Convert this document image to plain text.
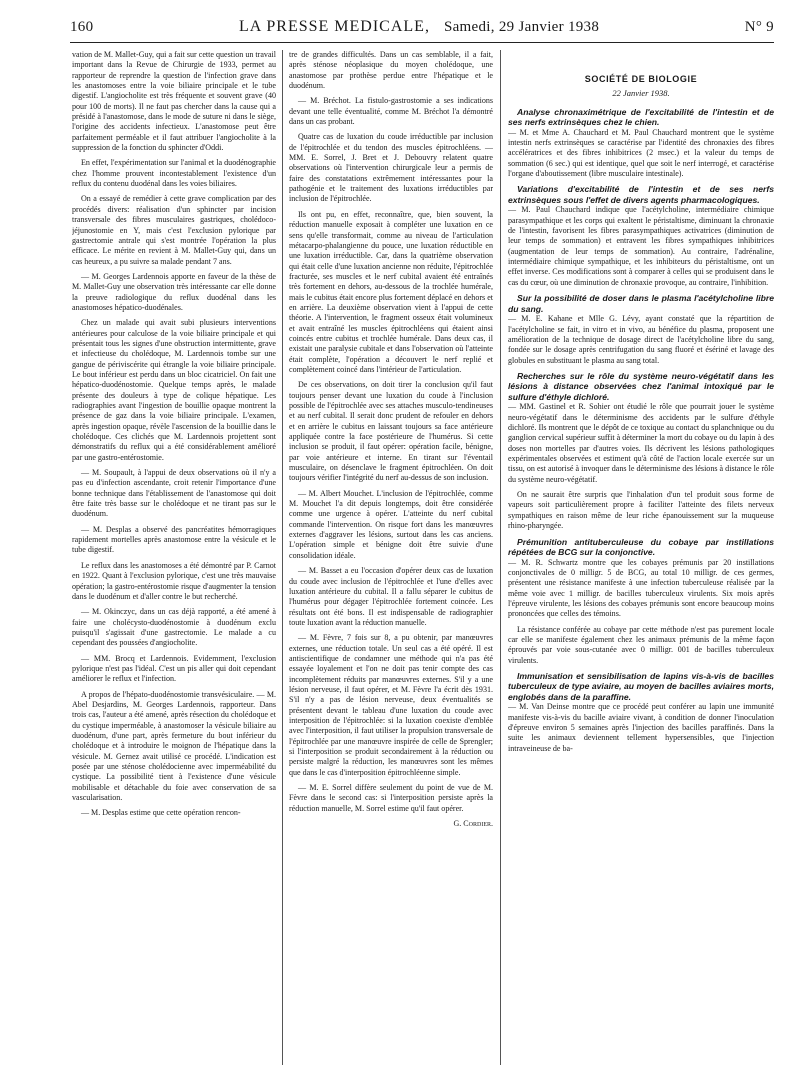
160	LA PRESSE MEDICALE, Samedi, 29 Janvier 1938	N° 9

vation de M. Mallet-Guy, qui a fait sur cette question un travail important dans la Revue de Chirurgie de 1933, permet au rapporteur de reprendre la question de l'infection grave dans les anastomoses entre la voie biliaire principale et le tube digestif. L'angiocholite est très fréquente et souvent grave (40 pour 100 de morts). Il ne faut pas chercher dans la cause qui a présidé à l'anastomose, dans le mode de suture ni dans le siège, l'origine des accidents infectieux. L'anastomose peut être parfaitement perméable et il faut attribuer l'angiocholite à la suppression de la fonction du sphincter d'Oddi.

En effet, l'expérimentation sur l'animal et la duodénographie chez l'homme prouvent incontestablement l'existence d'un reflux du contenu duodénal dans les voies biliaires.

On a essayé de remédier à cette grave complication par des procédés divers: réalisation d'un sphincter par incision transversale des fibres musculaires gastriques, cholédoco-jéjunostomie en Y, mais c'est l'exclusion pylorique par gastrectomie antrale qui s'est montrée l'opération la plus efficace. Le mérite en revient à M. Mallet-Guy qui, dans un cas heureux, a pu suivre sa malade pendant 7 ans.

— M. Georges Lardennois apporte en faveur de la thèse de M. Mallet-Guy une observation très intéressante car elle donne la preuve radiologique du reflux duodénal dans les anastomoses hépatico-duodénales.

Chez un malade qui avait subi plusieurs interventions antérieures pour calculose de la voie biliaire principale et qui présentait tous les signes d'une obstruction intermittente, grave et infectieuse du cholédoque, M. Lardennois tombe sur une gangue de périviscérite qui étrangle la voie biliaire principale. Le bout inférieur est perdu dans un bloc cicatriciel. On fait une hépatico-duodénostomie. Quelque temps après, le malade présente des douleurs à type de colique hépatique. Les radiographies avant l'ingestion de bouillie opaque montrent la présence de gaz dans la voie biliaire principale. L'examen, après ingestion opaque, révèle l'ascension de la bouillie dans le cholédoque. Ces clichés que M. Lardennois projettent sont démonstratifs du reflux qui a été considérablement amélioré par une gastro-entérostomie.

— M. Soupault, à l'appui de deux observations où il n'y a pas eu d'infection ascendante, croit retenir l'importance d'une bonne technique dans l'établissement de l'anastomose qui doit être faite très basse sur le cholédoque et ne tirant pas sur le duodénum.

— M. Desplas a observé des pancréatites hémorragiques rapidement mortelles après anastomose entre la vésicule et le tube digestif.

Le reflux dans les anastomoses a été démontré par P. Carnot en 1922. Quant à l'exclusion pylorique, c'est une très mauvaise opération; la gastro-entérostomie risque d'augmenter la tension dans le duodénum et d'aller contre le but recherché.

— M. Okinczyc, dans un cas déjà rapporté, a été amené à faire une cholécysto-duodénostomie à duodénum exclu puisqu'il s'agissait d'une gastrectomie. Le malade a cu cependant des poussées d'angiocholite.

— MM. Brocq et Lardennois. Evidemment, l'exclusion pylorique n'est pas l'idéal. C'est un pis aller qui doit cependant améliorer le reflux et l'infection.

A propos de l'hépato-duodénostomie transvésiculaire. — M. Abel Desjardins, M. Georges Lardennois, rapporteur. Dans trois cas, l'auteur a été amené, après résection du cholédoque et du cystique imperméable, à anastomoser la vésicule biliaire au duodénum, d'une part, après fermeture du bout inférieur du cholédoque et à introduire le moignon de l'hépatique dans la vésicule. M. Gernez avait utilisé ce procédé. L'indication est posée par une sténose cholédocienne avec imperméabilité du cystique. La possibilité tient à l'existence d'une vésicule mobilisable et détachable du foie avec conservation de sa vascularisation.

— M. Desplas estime que cette opération rencon-

tre de grandes difficultés. Dans un cas semblable, il a fait, après sténose néoplasique du moyen cholédoque, une anastomose par prothèse perdue entre l'hépatique et le duodénum.

— M. Bréchot. La fistulo-gastrostomie a ses indications devant une telle éventualité, comme M. Bréchot l'a démontré dans un cas probant.

Quatre cas de luxation du coude irréductible par inclusion de l'épitrochlée et du tendon des muscles épitrochléens. — MM. E. Sorrel, J. Bret et J. Debouvry relatent quatre observations où l'intervention chirurgicale leur a permis de faire des constatations extrêmement intéressantes pour la pathogénie et le traitement des luxations irréductibles par inclusion de l'épitrochlée.

Ils ont pu, en effet, reconnaître, que, bien souvent, la réduction manuelle exposait à compléter une luxation en ce sens qu'elle transformait, comme au niveau de l'articulation métacarpo-phalangienne du pouce, une luxation réductible en une luxation irréductible. Car, dans la quatrième observation qui était celle d'une luxation ancienne non réduite, l'épitrochlée fracturée, ses muscles et le nerf cubital avaient été entraînés très fortement en dehors, au-dessous de la trochlée humérale, mais le cubitus était encore plus fortement déplacé en dehors et en arrière. La deuxième observation vient à l'appui de cette théorie. A l'intervention, le fragment osseux était volumineux et avait entraîné les muscles épitrochléens qui étaient ainsi coincés entre cubitus et trochlée humérale. Dans deux cas, il existait une paralysie cubitale et dans l'observation où l'atteinte était complète, l'opération a découvert le nerf replié et complètement coincé dans l'intérieur de l'articulation.

De ces observations, on doit tirer la conclusion qu'il faut toujours penser devant une luxation du coude à l'inclusion possible de l'épitrochlée avec ses attaches musculo-tendineuses et au nerf cubital. Il serait donc prudent de refouler en dehors et en arrière le cubitus en laissant toujours sa face antérieure appliquée contre la face postérieure de l'humérus. Si cette inclusion se produit, il faut opérer: opération facile, bénigne, par voie antérieure et interne. En tirant sur l'éventail musculaire, on désenclave le fragment épitrochléen. On doit toujours vérifier l'intégrité du nerf au-dessus de son inclusion.

— M. Albert Mouchet. L'inclusion de l'épitrochlée, comme M. Mouchet l'a dit depuis longtemps, doit être considérée comme une urgence à opérer. L'atteinte du nerf cubital commande l'intervention. On risque fort dans les manœuvres externes d'aggraver les lésions, surtout dans les cas anciens. L'opération simple et bénigne doit être suivie d'une consolidation idéale.

— M. Basset a eu l'occasion d'opérer deux cas de luxation du coude avec inclusion de l'épitrochlée et l'une d'elles avec luxation antérieure du cubital. Il a fallu séparer le cubitus de l'humérus pour dégager l'épitrochlée fortement coincée. Les résultats ont été bons. Il est indispensable de radiographier toute luxation avant la réduction manuelle.

— M. Fèvre, 7 fois sur 8, a pu obtenir, par manœuvres externes, une réduction totale. Un seul cas a été opéré. Il est antiscientifique de condamner une méthode qui n'a pas été essayée loyalement et l'on ne doit pas tenir compte des cas incomplètement réduits par manœuvres externes. S'il y a une lésion nerveuse, il faut opérer, et M. Fèvre l'a écrit dès 1931. S'il n'y a pas de lésion nerveuse, deux éventualités se présentent devant le tableau d'une luxation du coude avec interposition de l'épitrochlée: si la luxation coexiste d'emblée avec l'interposition, il faut utiliser la propulsion transversale de l'épitrochlée par une manœuvre inspirée de celle de Sprengler; si l'interposition se produit secondairement à la réduction ou persiste malgré la réduction, les manœuvres sont les mêmes que dans le cas d'interposition épitrochléenne simple.

— M. E. Sorrel diffère seulement du point de vue de M. Fèvre dans le second cas: si l'interposition persiste après la réduction manuelle, M. Sorrel estime qu'il faut opérer.

G. Cordier.
SOCIÉTÉ DE BIOLOGIE
22 Janvier 1938.
Analyse chronaximétrique de l'excitabilité de l'intestin et de ses nerfs extrinsèques chez le chien.

— M. et Mme A. Chauchard et M. Paul Chauchard montrent que le système intestin nerfs extrinsèques se caractérise par l'identité des chronaxies des fibres accélératrices et des fibres inhibitrices (2 msec.) et la valeur du temps de sommation (6 sec.) qui est identique, quel que soit le nerf interrogé, et caractérise l'organe d'aboutissement (libre musculaire intestinale).

Variations d'excitabilité de l'intestin et de ses nerfs extrinsèques sous l'effet de divers agents pharmacologiques.

— M. Paul Chauchard indique que l'acétylcholine, intermédiaire chimique parasympathique et les corps qui exaltent le péristaltisme, diminuant la chronaxie de l'intestin, favorisent les fibres parasympathiques activatrices (diminution de leur temps de sommation) et entravent les fibres sympathiques inhibitrices (augmentation de leur temps de sommation). Au contraire, l'adrénaline, intermédiaire chimique sympathique, et les inhibiteurs du péristaltisme, ont un effet inverse. Ces modifications sont à comparer à celles qui se produisent dans le cas du cœur, où une diminution de chronaxie provoque, au contraire, l'inhibition.

Sur la possibilité de doser dans le plasma l'acétylcholine libre du sang.

— M. E. Kahane et Mlle G. Lévy, ayant constaté que la répartition de l'acétylcholine se fait, in vitro et in vivo, au bénéfice du plasma, proposent une amélioration de la technique de dosage direct de l'acétylcholine libre du sang, fondée sur le dosage après centrifugation du sang fluoré et ésériné et lavage des globules en substituant le plasma au sang total.

Recherches sur le rôle du système neuro-végétatif dans les lésions à distance observées chez l'animal intoxiqué par le sulfure d'éthyle dichloré.

— MM. Gastinel et R. Sohier ont étudié le rôle que pourrait jouer le système neuro-végétatif dans le déterminisme des accidents par le sulfure d'éthyle dichloré. Ils montrent que le dépôt de ce toxique au contact du splanchnique ou du ganglion cervical supérieur suffit à déterminer la mort du cobaye ou du lapin à des doses non mortelles par d'autres voies. Ils décrivent les lésions pathologiques expérimentales observées et estiment qu'à côté de l'action locale exercée sur un tissu, on est autorisé à invoquer dans le déterminisme des lésions à distance le rôle du système neuro-végétatif.

On ne saurait être surpris que l'inhalation d'un tel produit sous forme de vapeurs soit particulièrement propre à faciliter l'atteinte des filets nerveux sympathiques en raison même de leur riche épanouissement sur la muqueuse rhino-pharyngée.

Prémunition antituberculeuse du cobaye par instillations répétées de BCG sur la conjonctive.

— M. R. Schwartz montre que les cobayes prémunis par 20 instillations conjonctivales de 0 milligr. 5 de BCG, au total 10 milligr. de ces germes, présentent une résistance manifeste à une infection tuberculeuse réalisée par la même voie avec 1 milligr. de bacilles tuberculeux virulents. Six mois après l'épreuve virulente, les lésions des cobayes prémunis sont encore beaucoup moins prononcées que celles des témoins.

La résistance conférée au cobaye par cette méthode n'est pas purement locale car elle se manifeste également chez les animaux prémunis de la même façon éprouvés par voie sous-cutanée avec 0 milligr. 001 de bacilles tuberculeux virulents.

Immunisation et sensibilisation de lapins vis-à-vis de bacilles tuberculeux de type aviaire, au moyen de bacilles aviaires morts, englobés dans de la paraffine.

— M. Van Deinse montre que ce procédé peut conférer au lapin une immunité manifeste vis-à-vis du bacille aviaire vivant, à condition de donner l'inoculation d'épreuve environ 5 semaines après l'injection des bacilles paraffinés. Dans la suite les animaux deviennent tellement hypersensibles, que l'injection intraveineuse de ba-
